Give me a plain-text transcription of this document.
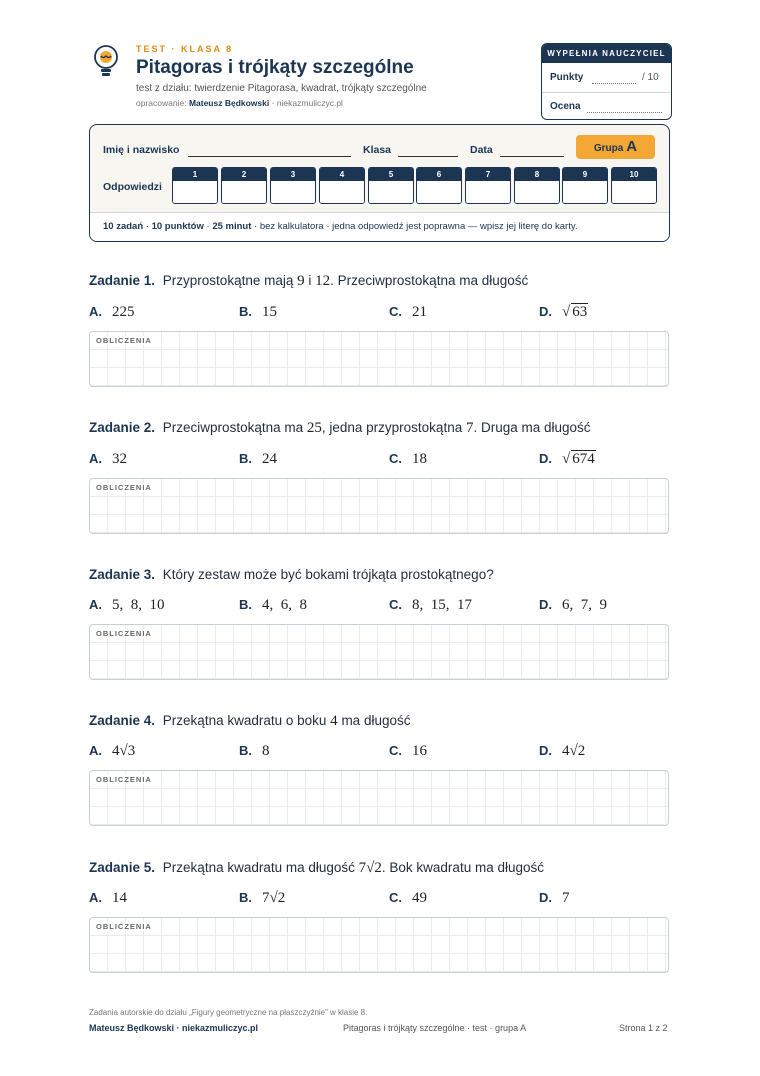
TEST · KLASA 8
Pitagoras i trójkąty szczególne
test z działu: twierdzenie Pitagorasa, kwadrat, trójkąty szczególne
opracowanie: Mateusz Będkowski · niekazmuliczyc.pl
WYPEŁNIA NAUCZYCIEL
Punkty	/ 10
Ocena
Imię i nazwisko	Klasa	Data	Grupa A
Odpowiedzi
1	2	3	4	5	6	7	8	9	10
10 zadań · 10 punktów · 25 minut · bez kalkulatora · jedna odpowiedź jest poprawna — wpisz jej literę do karty.
Zadanie 1. Przyprostokątne mają 9 i 12. Przeciwprostokątna ma długość
A. 225	B. 15	C. 21	D. √ 63
OBLICZENIA
Zadanie 2. Przeciwprostokątna ma 25, jedna przyprostokątna 7. Druga ma długość
A. 32	B. 24	C. 18	D. √ 674
OBLICZENIA
Zadanie 3. Który zestaw może być bokami trójkąta prostokątnego?
A. 5,  8,  10	B. 4,  6,  8	C. 8,  15,  17	D. 6,  7,  9
OBLICZENIA
Zadanie 4. Przekątna kwadratu o boku 4 ma długość
A. 4√3	B. 8	C. 16	D. 4√2
OBLICZENIA
Zadanie 5. Przekątna kwadratu ma długość 7√2. Bok kwadratu ma długość
A. 14	B. 7√2	C. 49	D. 7
OBLICZENIA
Zadania autorskie do działu „Figury geometryczne na płaszczyźnie” w klasie 8.
Mateusz Będkowski · niekazmuliczyc.pl	Pitagoras i trójkąty szczególne · test · grupa A	Strona 1 z 2
